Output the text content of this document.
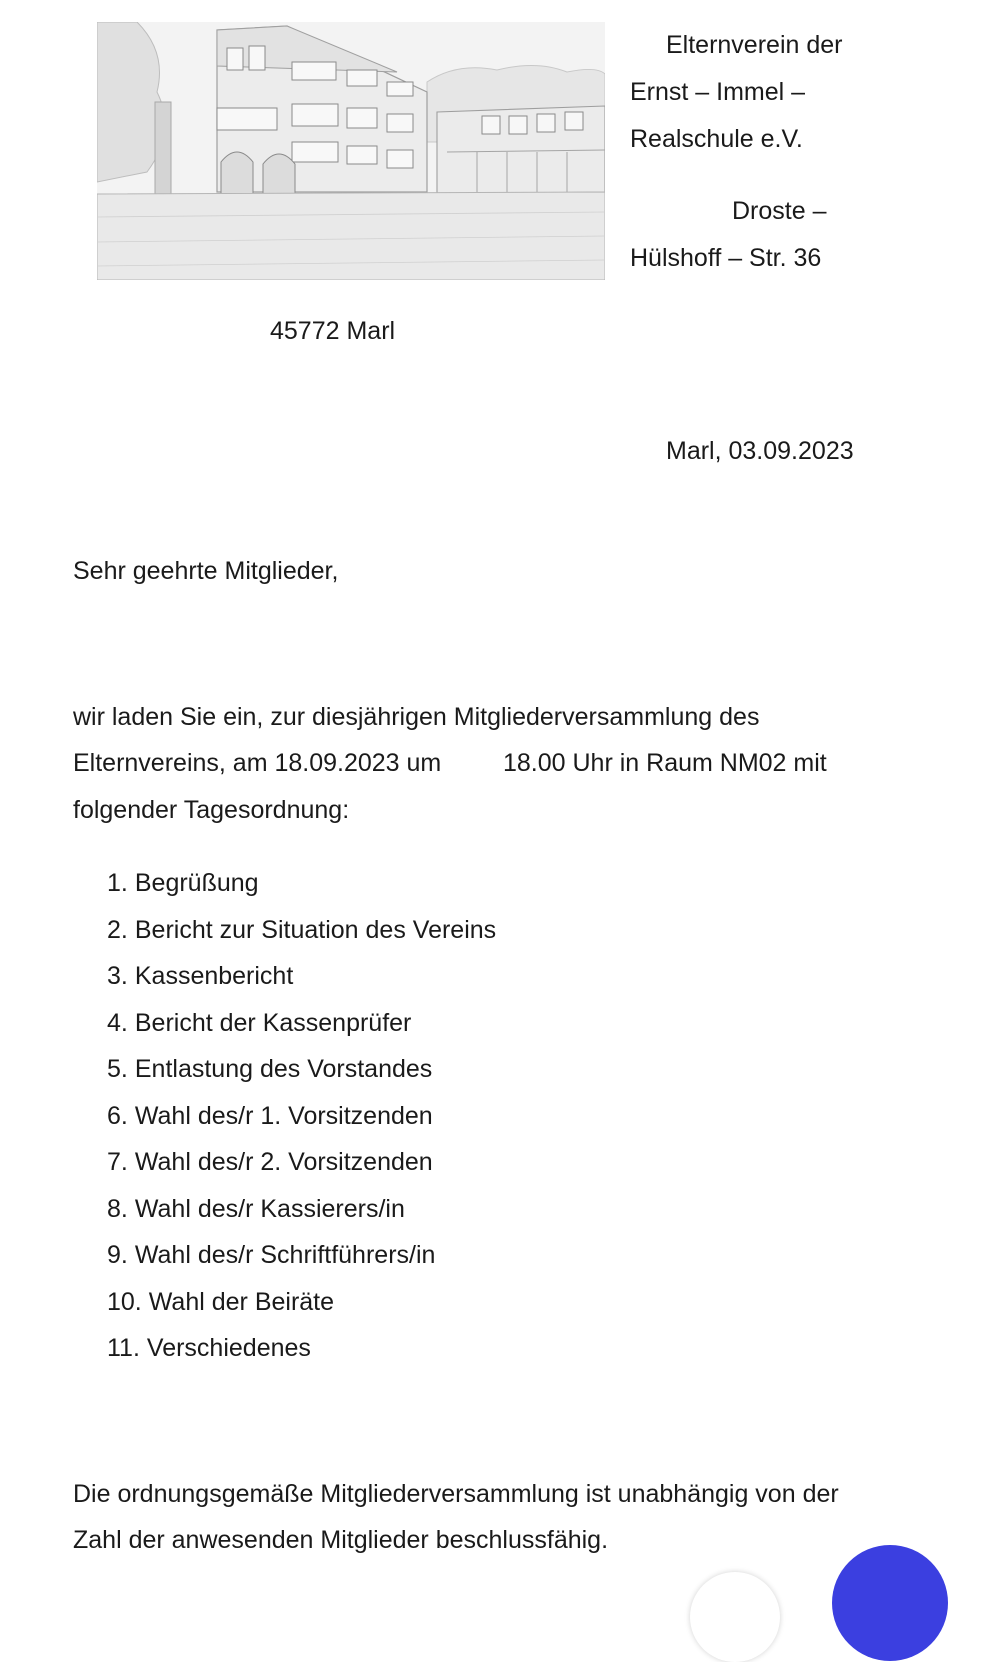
Elternverein der
Ernst – Immel –
Realschule e.V.
Droste –
Hülshoff – Str. 36
45772 Marl
Marl, 03.09.2023
Sehr geehrte Mitglieder,
wir laden Sie ein, zur diesjährigen Mitgliederversammlung des
Elternvereins, am 18.09.2023 um 18.00 Uhr in Raum NM02 mit
folgender Tagesordnung:
1. Begrüßung
2. Bericht zur Situation des Vereins
3. Kassenbericht
4. Bericht der Kassenprüfer
5. Entlastung des Vorstandes
6. Wahl des/r 1. Vorsitzenden
7. Wahl des/r 2. Vorsitzenden
8. Wahl des/r Kassierers/in
9. Wahl des/r Schriftführers/in
10. Wahl der Beiräte
11. Verschiedenes
Die ordnungsgemäße Mitgliederversammlung ist unabhängig von der
Zahl der anwesenden Mitglieder beschlussfähig.
